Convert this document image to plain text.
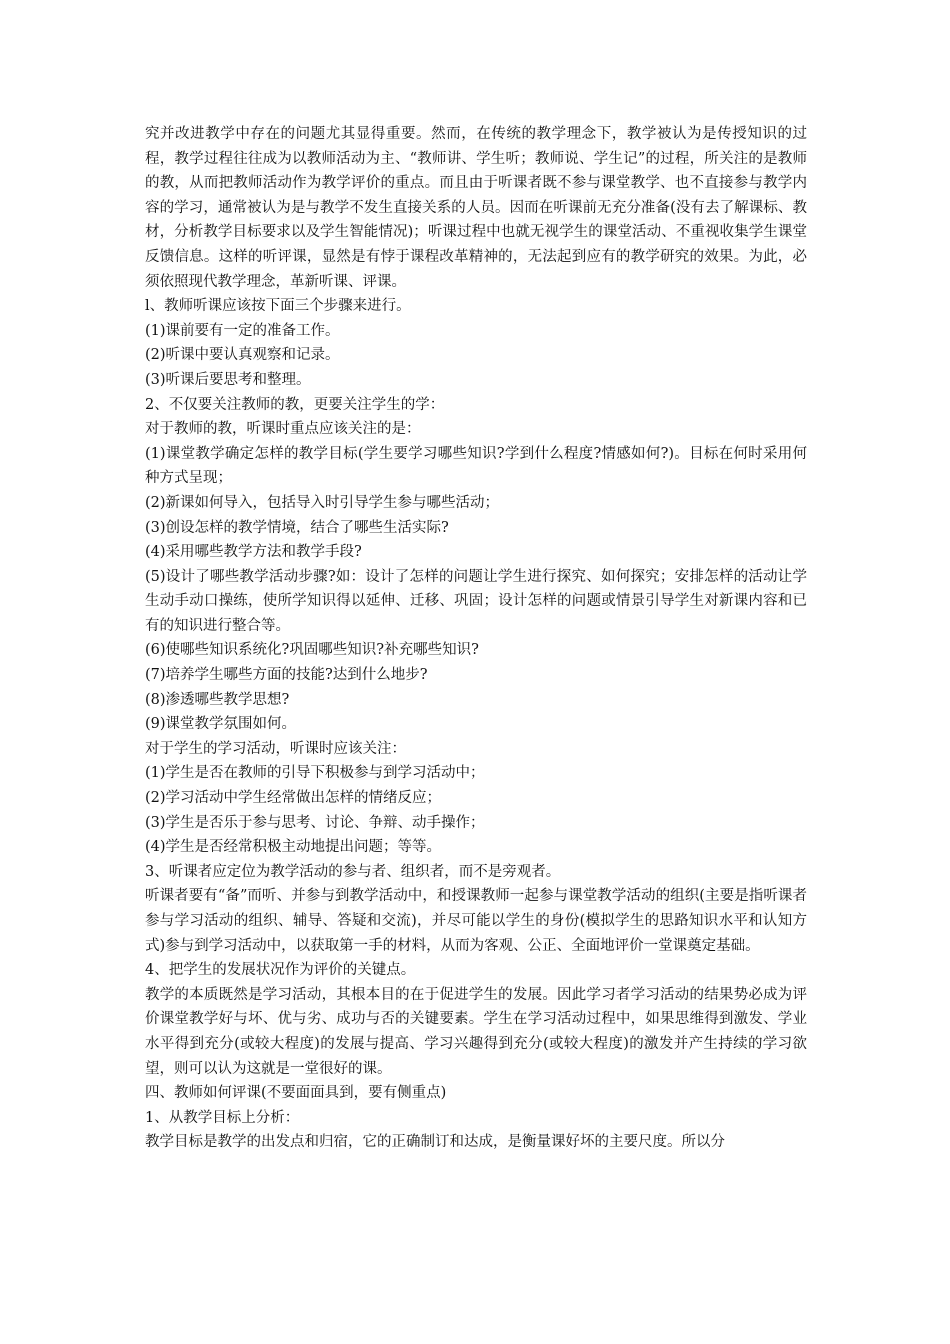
究并改进教学中存在的问题尤其显得重要。然而，在传统的教学理念下，教学被认为是传授知识的过程，教学过程往往成为以教师活动为主、“教师讲、学生听；教师说、学生记”的过程，所关注的是教师的教，从而把教师活动作为教学评价的重点。而且由于听课者既不参与课堂教学、也不直接参与教学内容的学习，通常被认为是与教学不发生直接关系的人员。因而在听课前无充分准备(没有去了解课标、教材，分析教学目标要求以及学生智能情况)；听课过程中也就无视学生的课堂活动、不重视收集学生课堂反馈信息。这样的听评课，显然是有悖于课程改革精神的，无法起到应有的教学研究的效果。为此，必须依照现代教学理念，革新听课、评课。

l、教师听课应该按下面三个步骤来进行。

(1)课前要有一定的准备工作。

(2)听课中要认真观察和记录。

(3)听课后要思考和整理。

2、不仅要关注教师的教，更要关注学生的学：

对于教师的教，听课时重点应该关注的是：

(1)课堂教学确定怎样的教学目标(学生要学习哪些知识?学到什么程度?情感如何?)。目标在何时采用何种方式呈现；

(2)新课如何导入，包括导入时引导学生参与哪些活动；

(3)创设怎样的教学情境，结合了哪些生活实际?

(4)采用哪些教学方法和教学手段?

(5)设计了哪些教学活动步骤?如：设计了怎样的问题让学生进行探究、如何探究；安排怎样的活动让学生动手动口操练，使所学知识得以延伸、迁移、巩固；设计怎样的问题或情景引导学生对新课内容和已有的知识进行整合等。

(6)使哪些知识系统化?巩固哪些知识?补充哪些知识?

(7)培养学生哪些方面的技能?达到什么地步?

(8)渗透哪些教学思想?

(9)课堂教学氛围如何。

对于学生的学习活动，听课时应该关注：

(1)学生是否在教师的引导下积极参与到学习活动中；

(2)学习活动中学生经常做出怎样的情绪反应；

(3)学生是否乐于参与思考、讨论、争辩、动手操作；

(4)学生是否经常积极主动地提出问题；等等。

3、听课者应定位为教学活动的参与者、组织者，而不是旁观者。

听课者要有“备”而听、并参与到教学活动中，和授课教师一起参与课堂教学活动的组织(主要是指听课者参与学习活动的组织、辅导、答疑和交流)，并尽可能以学生的身份(模拟学生的思路知识水平和认知方式)参与到学习活动中，以获取第一手的材料，从而为客观、公正、全面地评价一堂课奠定基础。

4、把学生的发展状况作为评价的关键点。

教学的本质既然是学习活动，其根本目的在于促进学生的发展。因此学习者学习活动的结果势必成为评价课堂教学好与坏、优与劣、成功与否的关键要素。学生在学习活动过程中，如果思维得到激发、学业水平得到充分(或较大程度)的发展与提高、学习兴趣得到充分(或较大程度)的激发并产生持续的学习欲望，则可以认为这就是一堂很好的课。

四、教师如何评课(不要面面具到，要有侧重点)

1、从教学目标上分析：

教学目标是教学的出发点和归宿，它的正确制订和达成，是衡量课好坏的主要尺度。所以分
